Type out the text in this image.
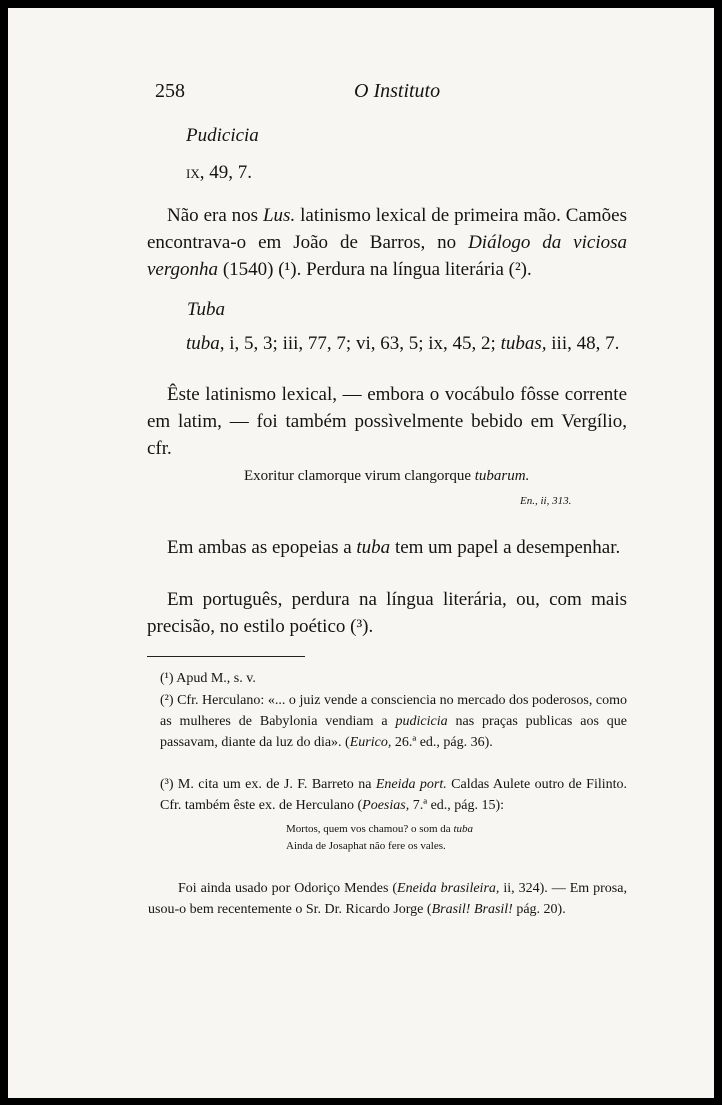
258	O Instituto
Pudicicia
ix, 49, 7.
Não era nos Lus. latinismo lexical de primeira mão. Camões encontrava-o em João de Barros, no Diálogo da viciosa vergonha (1540) (¹). Perdura na língua literária (²).
Tuba
tuba, i, 5, 3; iii, 77, 7; vi, 63, 5; ix, 45, 2; tubas, iii, 48, 7.
Êste latinismo lexical, — embora o vocábulo fôsse corrente em latim, — foi também possìvelmente bebido em Vergílio, cfr.
Exoritur clamorque virum clangorque tubarum.
En., ii, 313.
Em ambas as epopeias a tuba tem um papel a desempenhar.
Em português, perdura na língua literária, ou, com mais precisão, no estilo poético (³).
(¹) Apud M., s. v.
(²) Cfr. Herculano: «... o juiz vende a consciencia no mercado dos poderosos, como as mulheres de Babylonia vendiam a pudicicia nas praças publicas aos que passavam, diante da luz do dia». (Eurico, 26.ª ed., pág. 36).
(³) M. cita um ex. de J. F. Barreto na Eneida port. Caldas Aulete outro de Filinto. Cfr. também êste ex. de Herculano (Poesias, 7.ª ed., pág. 15):
Mortos, quem vos chamou? o som da tuba
Ainda de Josaphat não fere os vales.
Foi ainda usado por Odoriço Mendes (Eneida brasileira, ii, 324). — Em prosa, usou-o bem recentemente o Sr. Dr. Ricardo Jorge (Brasil! Brasil! pág. 20).
